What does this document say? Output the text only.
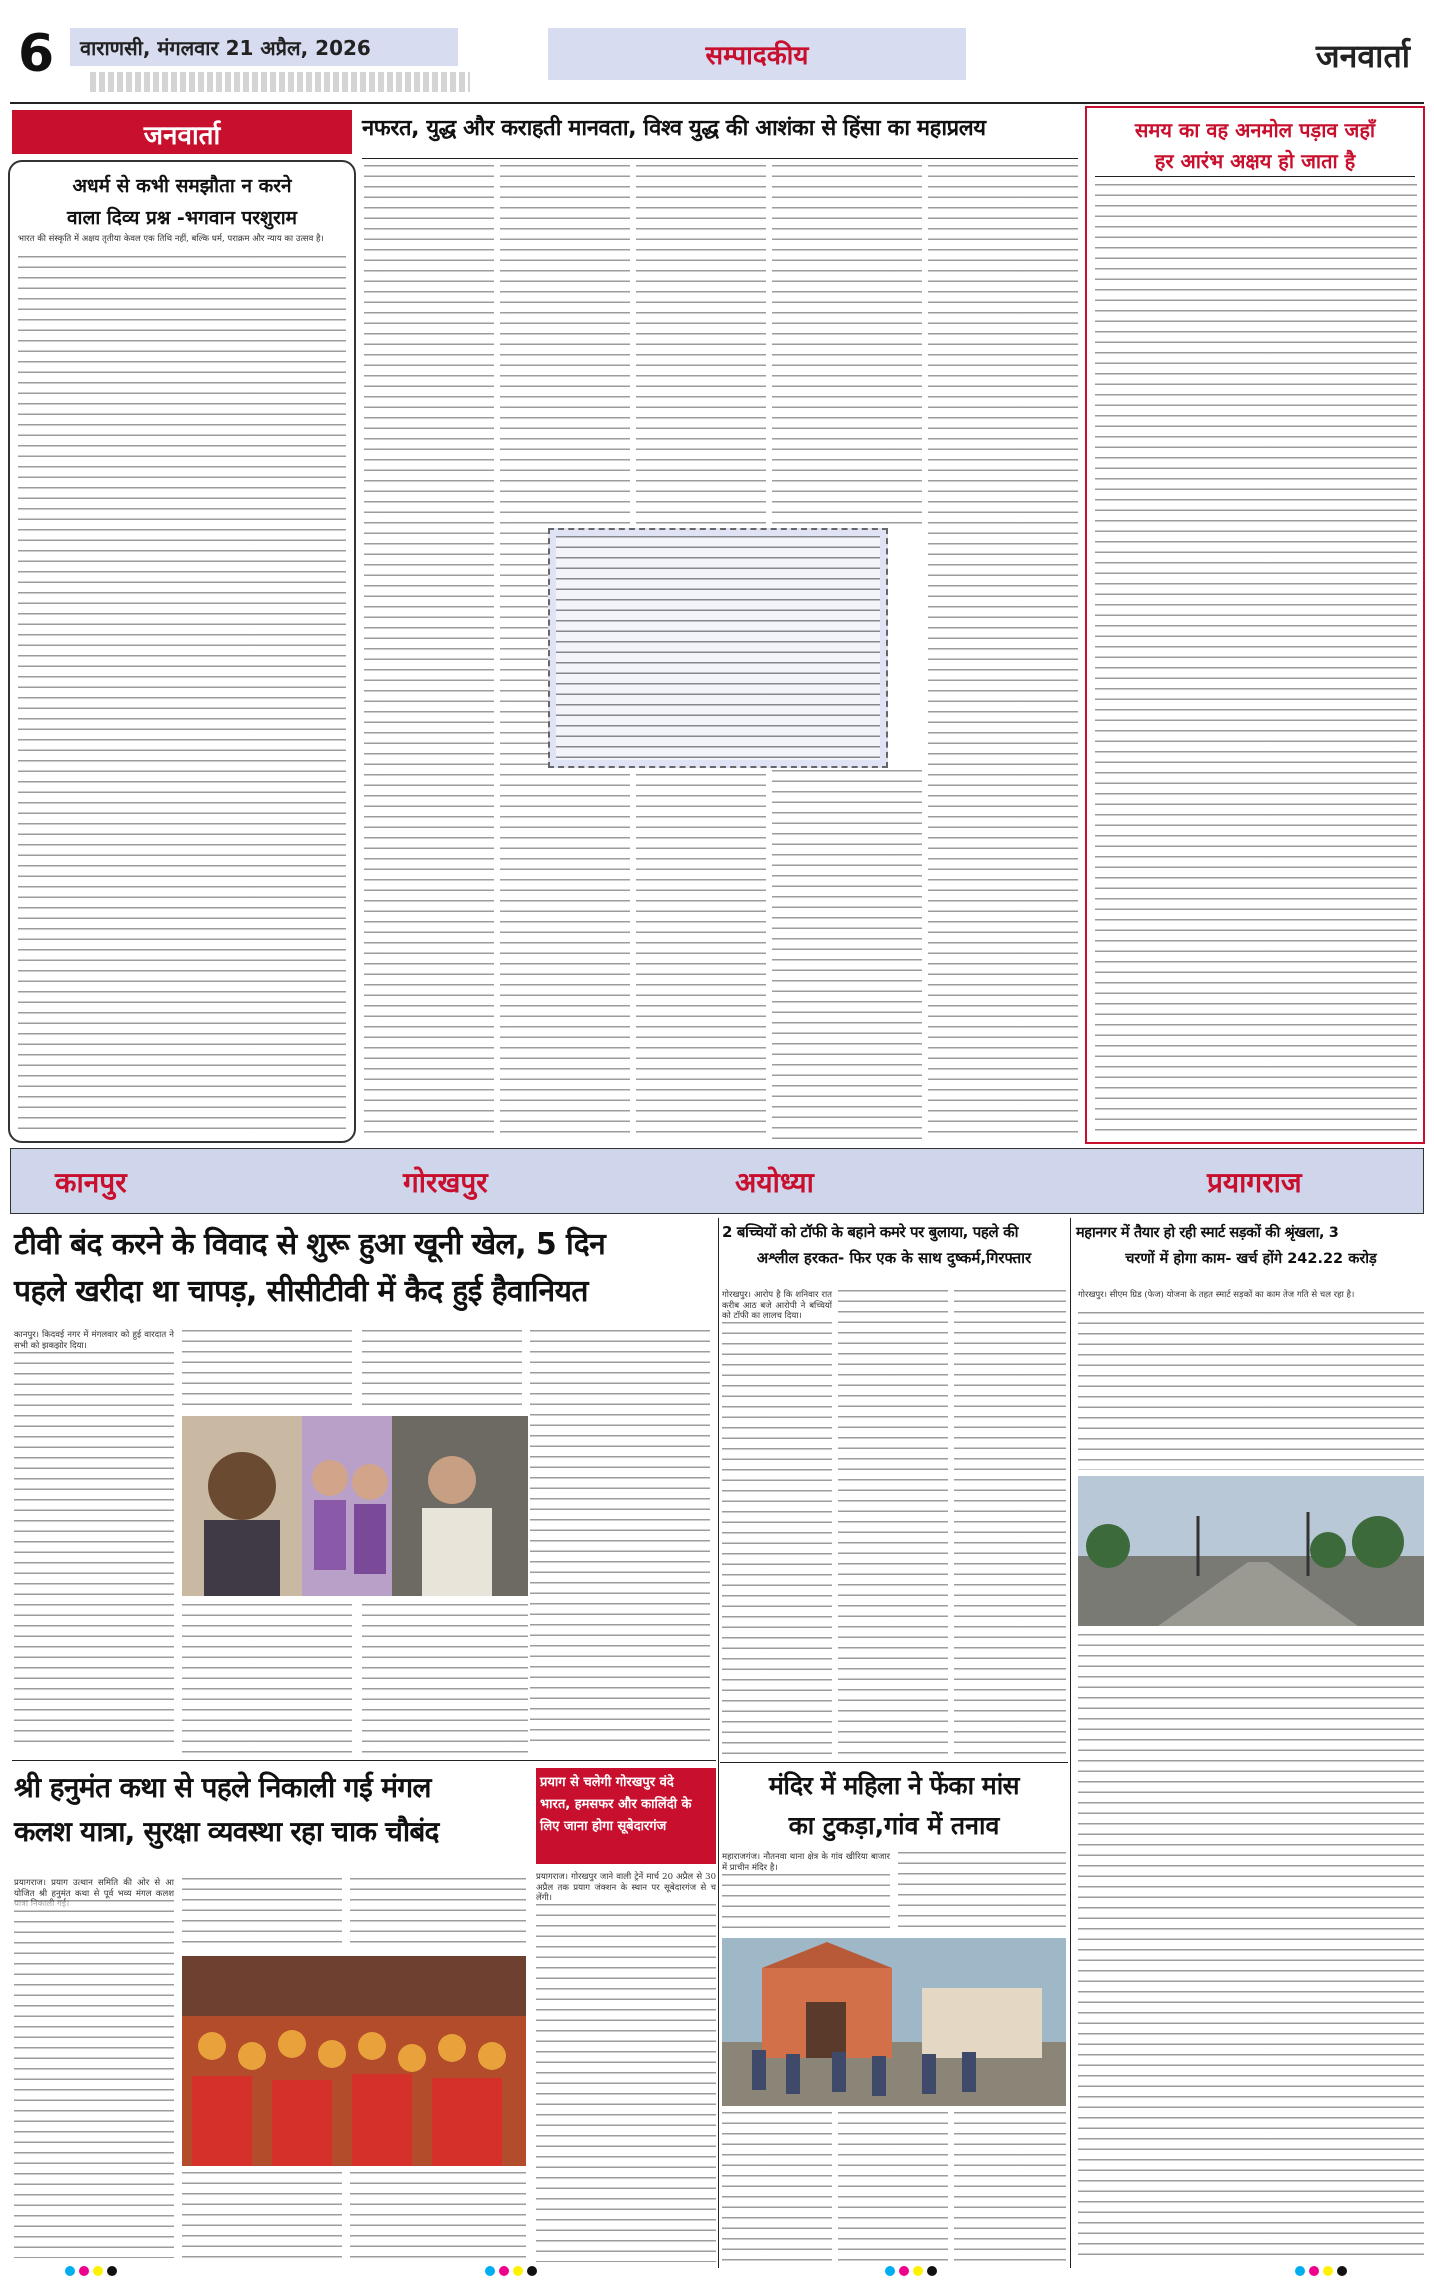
6	वाराणसी, मंगलवार 21 अप्रैल, 2026	सम्पादकीय	जनवार्ता
जनवार्ता
अधर्म से कभी समझौता न करने
वाला दिव्य प्रश्न -भगवान परशुराम
भारत की संस्कृति में अक्षय तृतीया केवल एक तिथि नहीं, बल्कि धर्म, पराक्रम और न्याय का उत्सव है।
नफरत, युद्ध और कराहती मानवता, विश्व युद्ध की आशंका से हिंसा का महाप्रलय	समय का वह अनमोल पड़ाव जहाँ
हर आरंभ अक्षय हो जाता है
कानपुर	गोरखपुर	अयोध्या	प्रयागराज
टीवी बंद करने के विवाद से शुरू हुआ खूनी खेल, 5 दिन
पहले खरीदा था चापड़, सीसीटीवी में कैद हुई हैवानियत
कानपुर। किदवई नगर में मंगलवार को हुई वारदात ने सभी को झकझोर दिया।
श्री हनुमंत कथा से पहले निकाली गई मंगल
कलश यात्रा, सुरक्षा व्यवस्था रहा चाक चौबंद
प्रयागराज। प्रयाग उत्थान समिति की ओर से आयोजित श्री हनुमंत कथा से पूर्व भव्य मंगल कलश
प्रयाग से चलेगी गोरखपुर वंदे
भारत, हमसफर और कालिंदी के
लिए जाना होगा सूबेदारगंज
प्रयागराज। गोरखपुर जाने वाली ट्रेनें मार्च 20 अप्रैल से 30 अप्रैल तक प्रयाग जंक्शन के स्थान पर सूबेदारगंज से चलेंगी।
2 बच्चियों को टॉफी के बहाने कमरे पर बुलाया, पहले की
अश्लील हरकत- फिर एक के साथ दुष्कर्म,गिरफ्तार
गोरखपुर। आरोप है कि शनिवार रात करीब आठ बजे आरोपी ने बच्चियों को टॉफी का लालच दिया।
मंदिर में महिला ने फेंका मांस
का टुकड़ा,गांव में तनाव
महाराजगंज। नौतनवा थाना क्षेत्र के गांव खीरिया बाजार में प्राचीन मंदिर है।
महानगर में तैयार हो रही स्मार्ट सड़कों की श्रृंखला, 3
चरणों में होगा काम- खर्च होंगे 242.22 करोड़
गोरखपुर। सीएम ग्रिड (फेज) योजना के तहत स्मार्ट सड़कों का काम तेज गति से चल रहा है।
